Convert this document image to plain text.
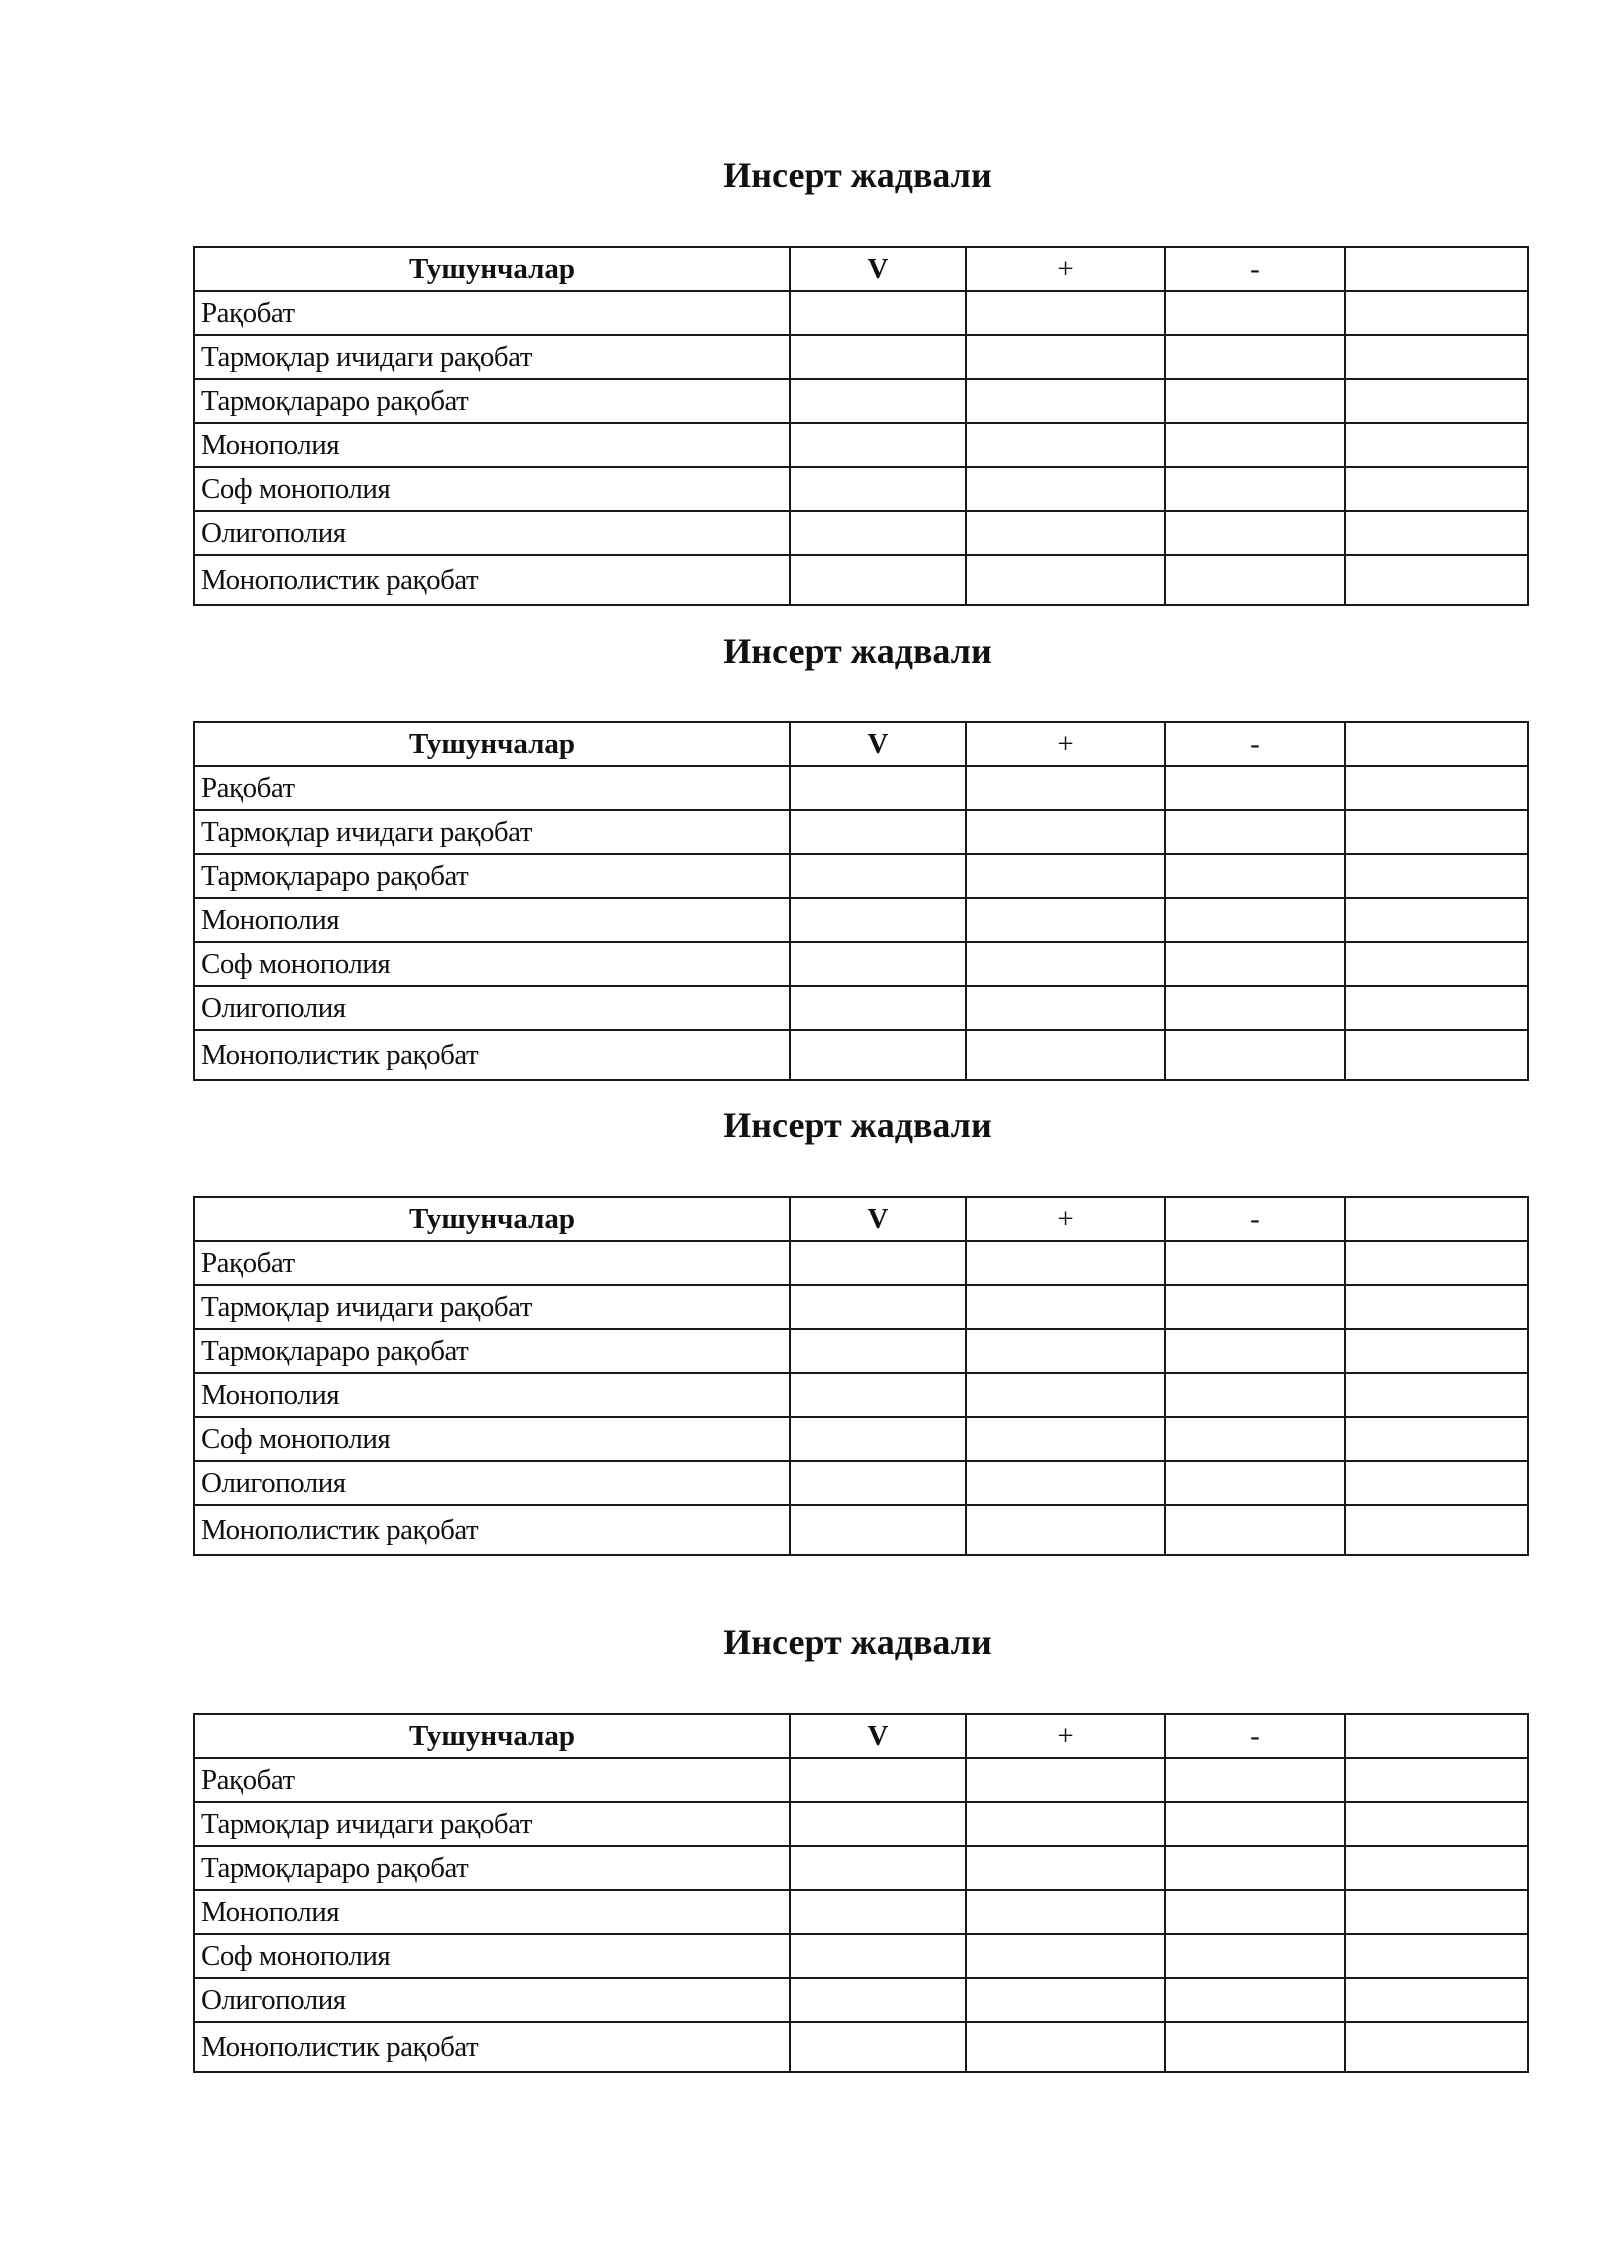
Инсерт жадвали
Тушунчалар	V	+	-	
Рақобат				
Тармоқлар ичидаги рақобат				
Тармоқлараро рақобат				
Монополия				
Соф монополия				
Олигополия				
Монополистик рақобат				
Инсерт жадвали
Тушунчалар	V	+	-	
Рақобат				
Тармоқлар ичидаги рақобат				
Тармоқлараро рақобат				
Монополия				
Соф монополия				
Олигополия				
Монополистик рақобат				
Инсерт жадвали
Тушунчалар	V	+	-	
Рақобат				
Тармоқлар ичидаги рақобат				
Тармоқлараро рақобат				
Монополия				
Соф монополия				
Олигополия				
Монополистик рақобат				
Инсерт жадвали
Тушунчалар	V	+	-	
Рақобат				
Тармоқлар ичидаги рақобат				
Тармоқлараро рақобат				
Монополия				
Соф монополия				
Олигополия				
Монополистик рақобат				
